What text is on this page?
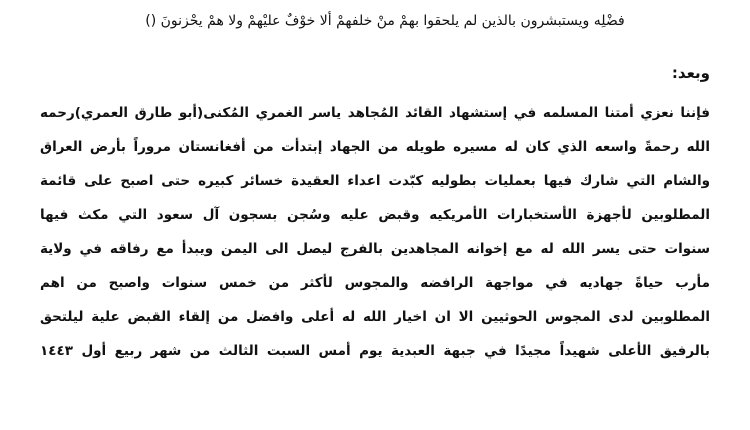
فضْلِه ويستبشرون بالذين لم يلحقوا بهمْ منْ خلفهمْ ألا خوْفٌ عليْهمْ ولا همْ يحْزنونَ ()
وبعد:
فإننا نعزي أمتنا المسلمه في إستشهاد القائد المُجاهد ياسر الغمري المُكنى(أبو طارق العمري)رحمه
الله رحمةً واسعه الذي كان له مسيره طويله من الجهاد إبتدأت من أفغانستان مروراً بأرض العراق
والشام التي شارك فيها بعمليات بطوليه كبّدت اعداء العقيدة خسائر كبيره حتى اصبح على قائمة
المطلوبين لأجهزة الأستخبارات الأمريكيه وقبض عليه وسُجن بسجون آل سعود التي مكث فيها
سنوات حتى يسر الله له مع إخوانه المجاهدين بالفرج ليصل الى اليمن ويبدأ مع رفاقه في ولاية
مأرب حياةً جهاديه في مواجهة الرافضه والمجوس لأكثر من خمس سنوات واصبح من اهم
المطلوبين لدى المجوس الحوثيين الا ان اخيار الله له أعلى وافضل من إلقاء القبض علية ليلتحق
بالرفيق الأعلى شهيداً مجيدًا في جبهة العبدية يوم أمس السبت الثالث من شهر ربيع أول ١٤٤٣
